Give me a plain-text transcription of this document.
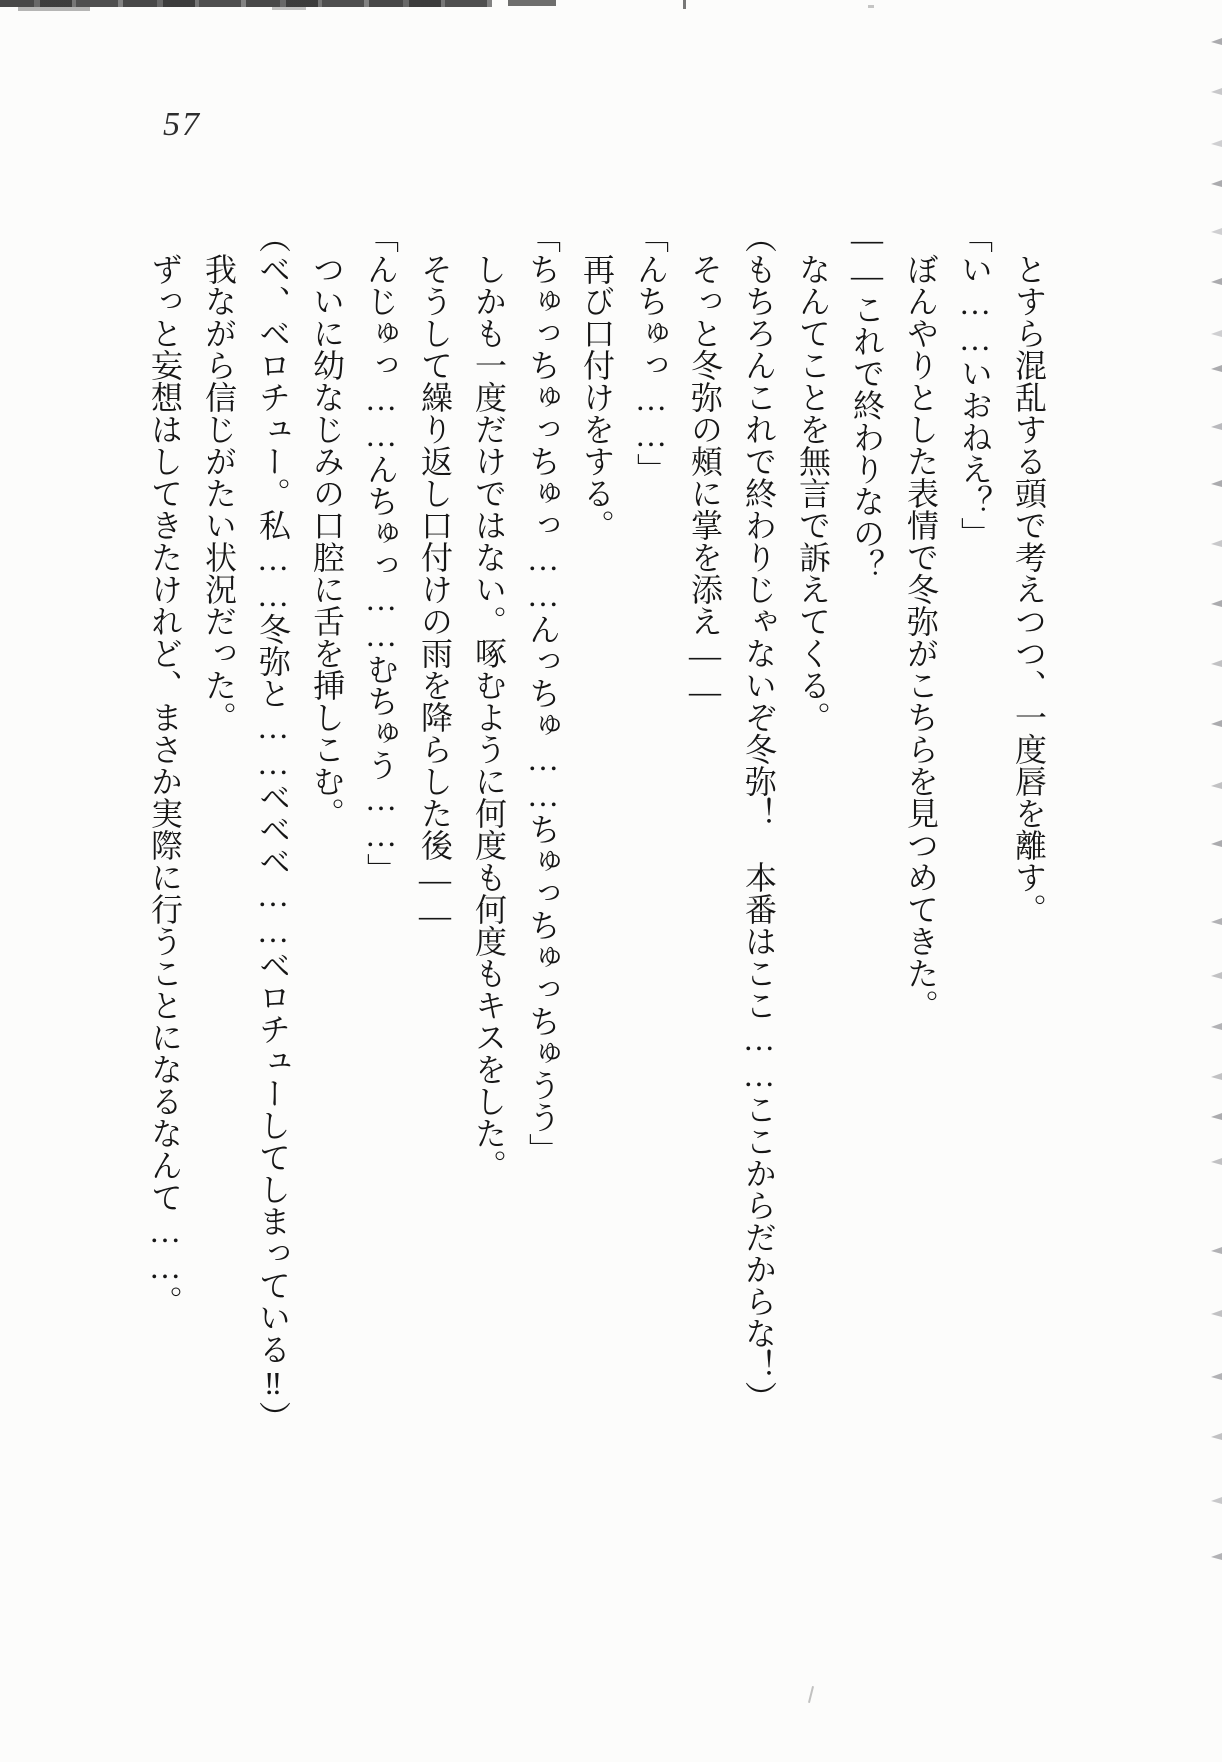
57

とすら混乱する頭で考えつつ、一度唇を離す。

「い……いおねえ？」

ぼんやりとした表情で冬弥がこちらを見つめてきた。

――これで終わりなの？

なんてことを無言で訴えてくる。

（もちろんこれで終わりじゃないぞ冬弥！　本番はここ……ここからだからな！）

そっと冬弥の頰に掌を添え――

「んちゅっ……」

再び口付けをする。

「ちゅっちゅっちゅっ……んっちゅ……ちゅっちゅっちゅうう」

しかも一度だけではない。啄むように何度も何度もキスをした。

そうして繰り返し口付けの雨を降らした後――

「んじゅっ……んちゅっ……むちゅう……」

ついに幼なじみの口腔に舌を挿しこむ。

（ベ、ベロチュー。私……冬弥と……ベベベ……ベロチューしてしまっている‼）

我ながら信じがたい状況だった。

ずっと妄想はしてきたけれど、まさか実際に行うことになるなんて……。
